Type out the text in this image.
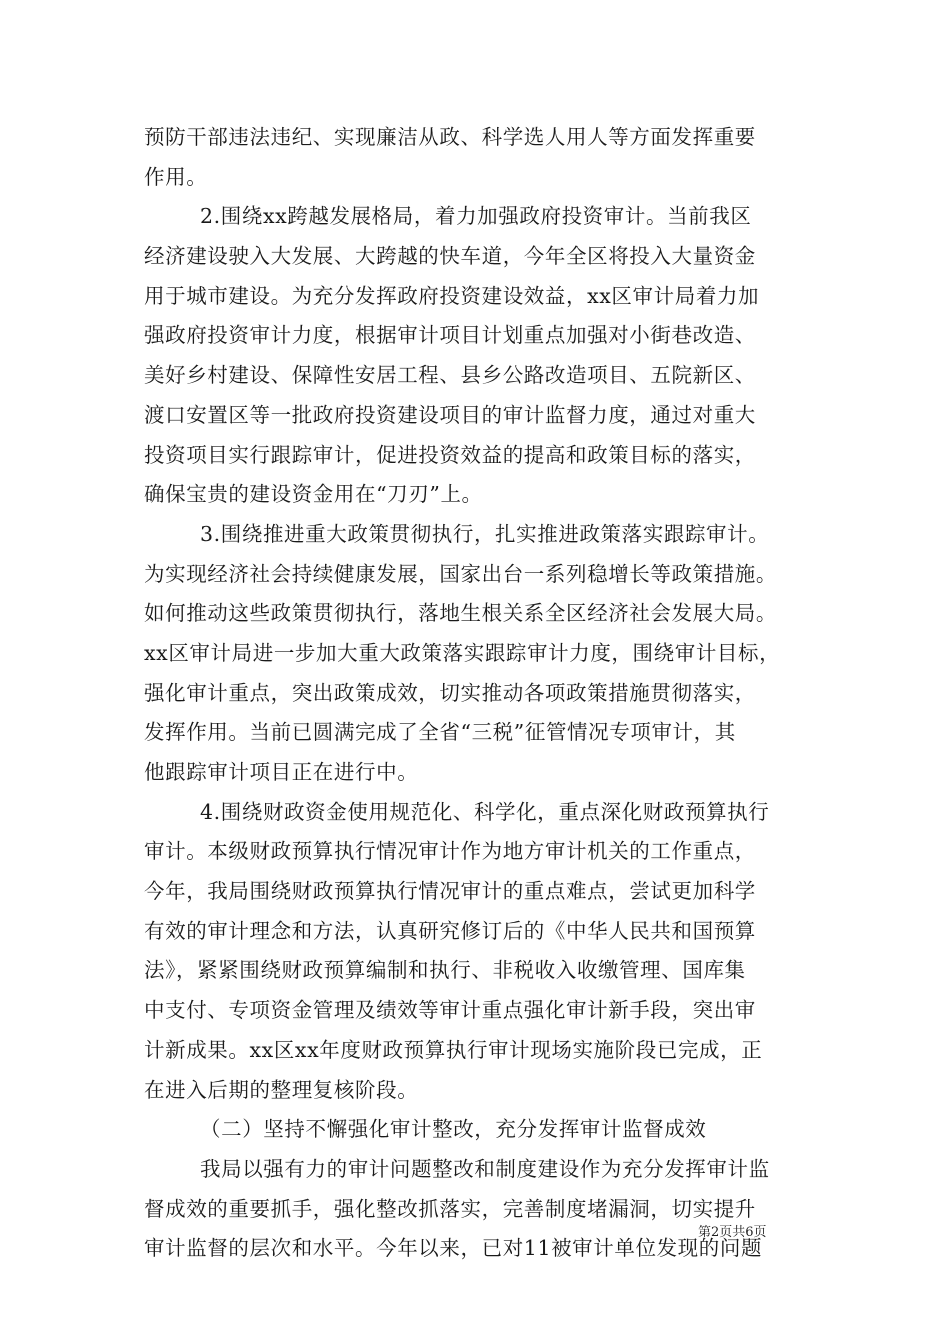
预防干部违法违纪、实现廉洁从政、科学选人用人等方面发挥重要
作用。
2.围绕xx跨越发展格局，着力加强政府投资审计。当前我区
经济建设驶入大发展、大跨越的快车道，今年全区将投入大量资金
用于城市建设。为充分发挥政府投资建设效益，xx区审计局着力加
强政府投资审计力度，根据审计项目计划重点加强对小街巷改造、
美好乡村建设、保障性安居工程、县乡公路改造项目、五院新区、
渡口安置区等一批政府投资建设项目的审计监督力度，通过对重大
投资项目实行跟踪审计，促进投资效益的提高和政策目标的落实，
确保宝贵的建设资金用在“刀刃”上。
3.围绕推进重大政策贯彻执行，扎实推进政策落实跟踪审计。
为实现经济社会持续健康发展，国家出台一系列稳增长等政策措施。
如何推动这些政策贯彻执行，落地生根关系全区经济社会发展大局。
xx区审计局进一步加大重大政策落实跟踪审计力度，围绕审计目标，
强化审计重点，突出政策成效，切实推动各项政策措施贯彻落实，
发挥作用。当前已圆满完成了全省“三税”征管情况专项审计，其
他跟踪审计项目正在进行中。
4.围绕财政资金使用规范化、科学化，重点深化财政预算执行
审计。本级财政预算执行情况审计作为地方审计机关的工作重点，
今年，我局围绕财政预算执行情况审计的重点难点，尝试更加科学
有效的审计理念和方法，认真研究修订后的《中华人民共和国预算
法》，紧紧围绕财政预算编制和执行、非税收入收缴管理、国库集
中支付、专项资金管理及绩效等审计重点强化审计新手段，突出审
计新成果。xx区xx年度财政预算执行审计现场实施阶段已完成，正
在进入后期的整理复核阶段。
（二）坚持不懈强化审计整改，充分发挥审计监督成效
我局以强有力的审计问题整改和制度建设作为充分发挥审计监
督成效的重要抓手，强化整改抓落实，完善制度堵漏洞，切实提升
审计监督的层次和水平。今年以来，已对11被审计单位发现的问题
第2页共6页
